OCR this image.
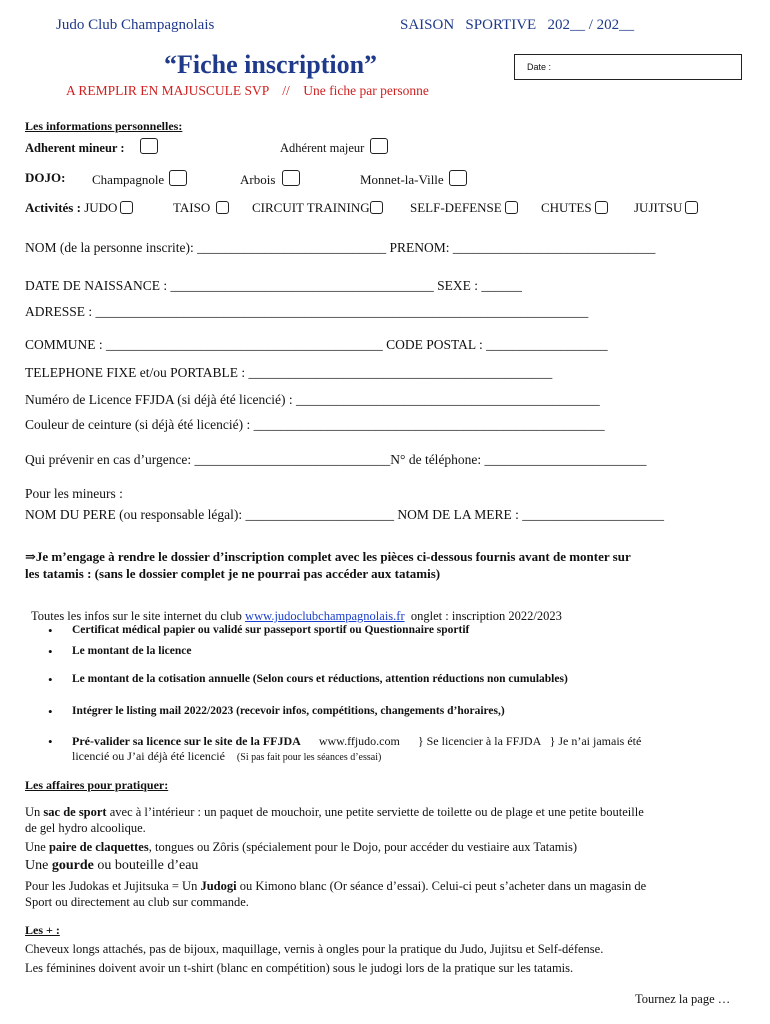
Judo Club Champagnolais	SAISON   SPORTIVE   202__ / 202__
“Fiche inscription”	Date :
A REMPLIR EN MAJUSCULE SVP    //    Une fiche par personne
Les informations personnelles:
Adherent mineur :	Adhérent majeur
DOJO: Champagnole	Arbois	Monnet-la-Ville
Activités : JUDO	TAISO	CIRCUIT TRAINING	SELF-DEFENSE	CHUTES	JUJITSU
NOM (de la personne inscrite): ____________________________ PRENOM: ______________________________
DATE DE NAISSANCE : _______________________________________ SEXE : ______
ADRESSE : _________________________________________________________________________
COMMUNE : _________________________________________ CODE POSTAL : __________________
TELEPHONE FIXE et/ou PORTABLE : _____________________________________________
Numéro de Licence FFJDA (si déjà été licencié) : _____________________________________________
Couleur de ceinture (si déjà été licencié) : ____________________________________________________
Qui prévenir en cas d’urgence: _____________________________N° de téléphone: ________________________
Pour les mineurs :
NOM DU PERE (ou responsable légal): ______________________ NOM DE LA MERE : _____________________
⇒Je m’engage à rendre le dossier d’inscription complet avec les pièces ci-dessous fournis avant de monter sur
les tatamis : (sans le dossier complet je ne pourrai pas accéder aux tatamis)

Toutes les infos sur le site internet du club www.judoclubchampagnolais.fr  onglet : inscription 2022/2023

• Certificat médical papier ou validé sur passeport sportif ou Questionnaire sportif
• Le montant de la licence
• Le montant de la cotisation annuelle (Selon cours et réductions, attention réductions non cumulables)
• Intégrer le listing mail 2022/2023 (recevoir infos, compétitions, changements d’horaires,)
• Pré-valider sa licence sur le site de la FFJDA www.ffjudo.com } Se licencier à la FFJDA   } Je n’ai jamais été
licencié ou J’ai déjà été licencié (Si pas fait pour les séances d’essai)
Les affaires pour pratiquer:
Un sac de sport avec à l’intérieur : un paquet de mouchoir, une petite serviette de toilette ou de plage et une petite bouteille
de gel hydro alcoolique.
Une paire de claquettes, tongues ou Zôris (spécialement pour le Dojo, pour accéder du vestiaire aux Tatamis)
Une gourde ou bouteille d’eau
Pour les Judokas et Jujitsuka = Un Judogi ou Kimono blanc (Or séance d’essai). Celui-ci peut s’acheter dans un magasin de
Sport ou directement au club sur commande.
Les + :
Cheveux longs attachés, pas de bijoux, maquillage, vernis à ongles pour la pratique du Judo, Jujitsu et Self-défense.
Les féminines doivent avoir un t-shirt (blanc en compétition) sous le judogi lors de la pratique sur les tatamis.
Tournez la page …
